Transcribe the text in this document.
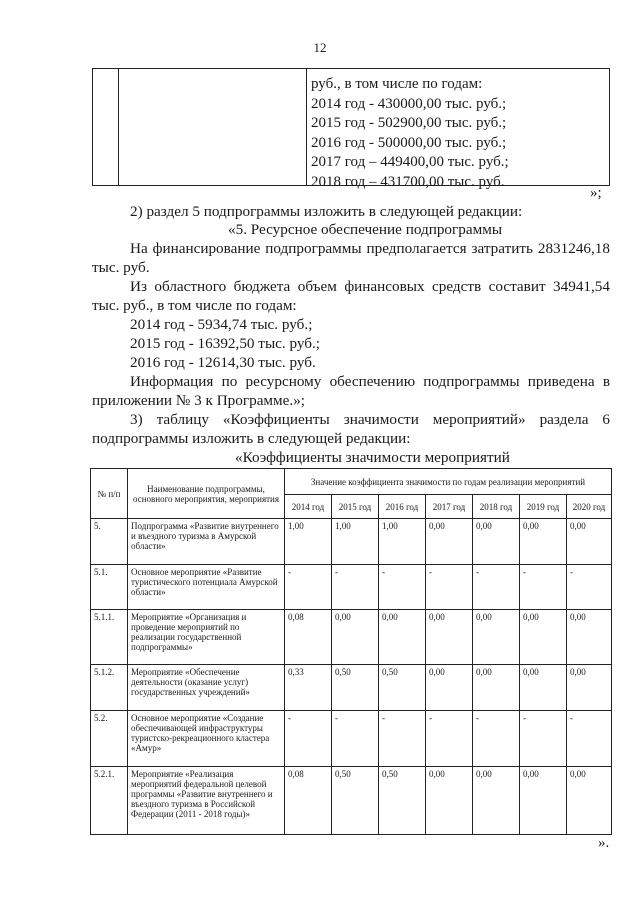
12
руб., в том числе по годам:
2014 год - 430000,00 тыс. руб.;
2015 год - 502900,00 тыс. руб.;
2016 год - 500000,00 тыс. руб.;
2017 год – 449400,00 тыс. руб.;
2018 год – 431700,00 тыс. руб.
»;
2) раздел 5 подпрограммы изложить в следующей редакции:
«5. Ресурсное обеспечение подпрограммы
На финансирование подпрограммы предполагается затратить 2831246,18
тыс. руб.
Из областного бюджета объем финансовых средств составит 34941,54
тыс. руб., в том числе по годам:
2014 год - 5934,74 тыс. руб.;
2015 год - 16392,50 тыс. руб.;
2016 год - 12614,30 тыс. руб.
Информация по ресурсному обеспечению подпрограммы приведена в
приложении № 3 к Программе.»;
3) таблицу «Коэффициенты значимости мероприятий» раздела 6
подпрограммы изложить в следующей редакции:
«Коэффициенты значимости мероприятий
№ п/п	Наименование подпрограммы, основного мероприятия, мероприятия	Значение коэффициента значимости по годам реализации мероприятий						
		2014 год	2015 год	2016 год	2017 год	2018 год	2019 год	2020 год
5.	Подпрограмма «Развитие внутреннего и въездного туризма в Амурской области»	1,00	1,00	1,00	0,00	0,00	0,00	0,00
5.1.	Основное мероприятие «Развитие туристического потенциала Амурской области»	-	-	-	-	-	-	-
5.1.1.	Мероприятие «Организация и проведение мероприятий по реализации государственной подпрограммы»	0,08	0,00	0,00	0,00	0,00	0,00	0,00
5.1.2.	Мероприятие «Обеспечение деятельности (оказание услуг) государственных учреждений»	0,33	0,50	0,50	0,00	0,00	0,00	0,00
5.2.	Основное мероприятие «Создание обеспечивающей инфраструктуры туристско-рекреационного кластера «Амур»	-	-	-	-	-	-	-
5.2.1.	Мероприятие «Реализация мероприятий федеральной целевой программы «Развитие внутреннего и въездного туризма в Российской Федерации (2011 - 2018 годы)»	0,08	0,50	0,50	0,00	0,00	0,00	0,00
».
